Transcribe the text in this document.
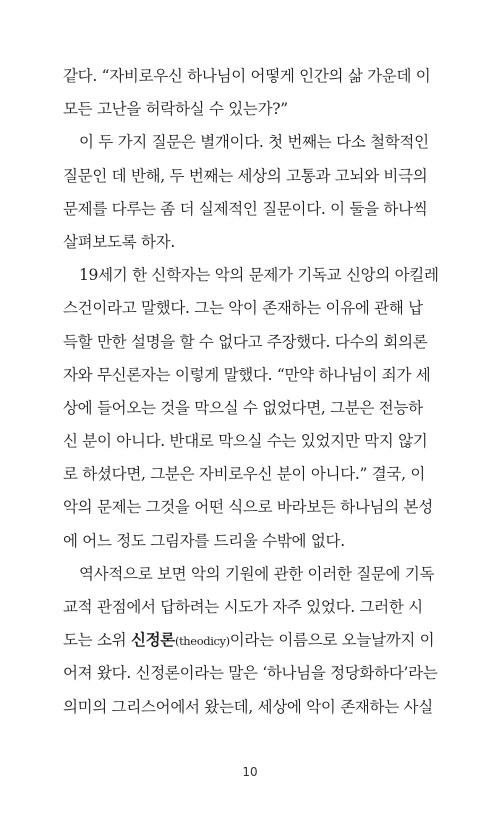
같다. “자비로우신 하나님이 어떻게 인간의 삶 가운데 이
모든 고난을 허락하실 수 있는가?”
이 두 가지 질문은 별개이다. 첫 번째는 다소 철학적인
질문인 데 반해, 두 번째는 세상의 고통과 고뇌와 비극의
문제를 다루는 좀 더 실제적인 질문이다. 이 둘을 하나씩
살펴보도록 하자.
19세기 한 신학자는 악의 문제가 기독교 신앙의 아킬레
스건이라고 말했다. 그는 악이 존재하는 이유에 관해 납
득할 만한 설명을 할 수 없다고 주장했다. 다수의 회의론
자와 무신론자는 이렇게 말했다. “만약 하나님이 죄가 세
상에 들어오는 것을 막으실 수 없었다면, 그분은 전능하
신 분이 아니다. 반대로 막으실 수는 있었지만 막지 않기
로 하셨다면, 그분은 자비로우신 분이 아니다.” 결국, 이
악의 문제는 그것을 어떤 식으로 바라보든 하나님의 본성
에 어느 정도 그림자를 드리울 수밖에 없다.
역사적으로 보면 악의 기원에 관한 이러한 질문에 기독
교적 관점에서 답하려는 시도가 자주 있었다. 그러한 시
도는 소위 신정론(theodicy)이라는 이름으로 오늘날까지 이
어져 왔다. 신정론이라는 말은 ‘하나님을 정당화하다’라는
의미의 그리스어에서 왔는데, 세상에 악이 존재하는 사실
10
